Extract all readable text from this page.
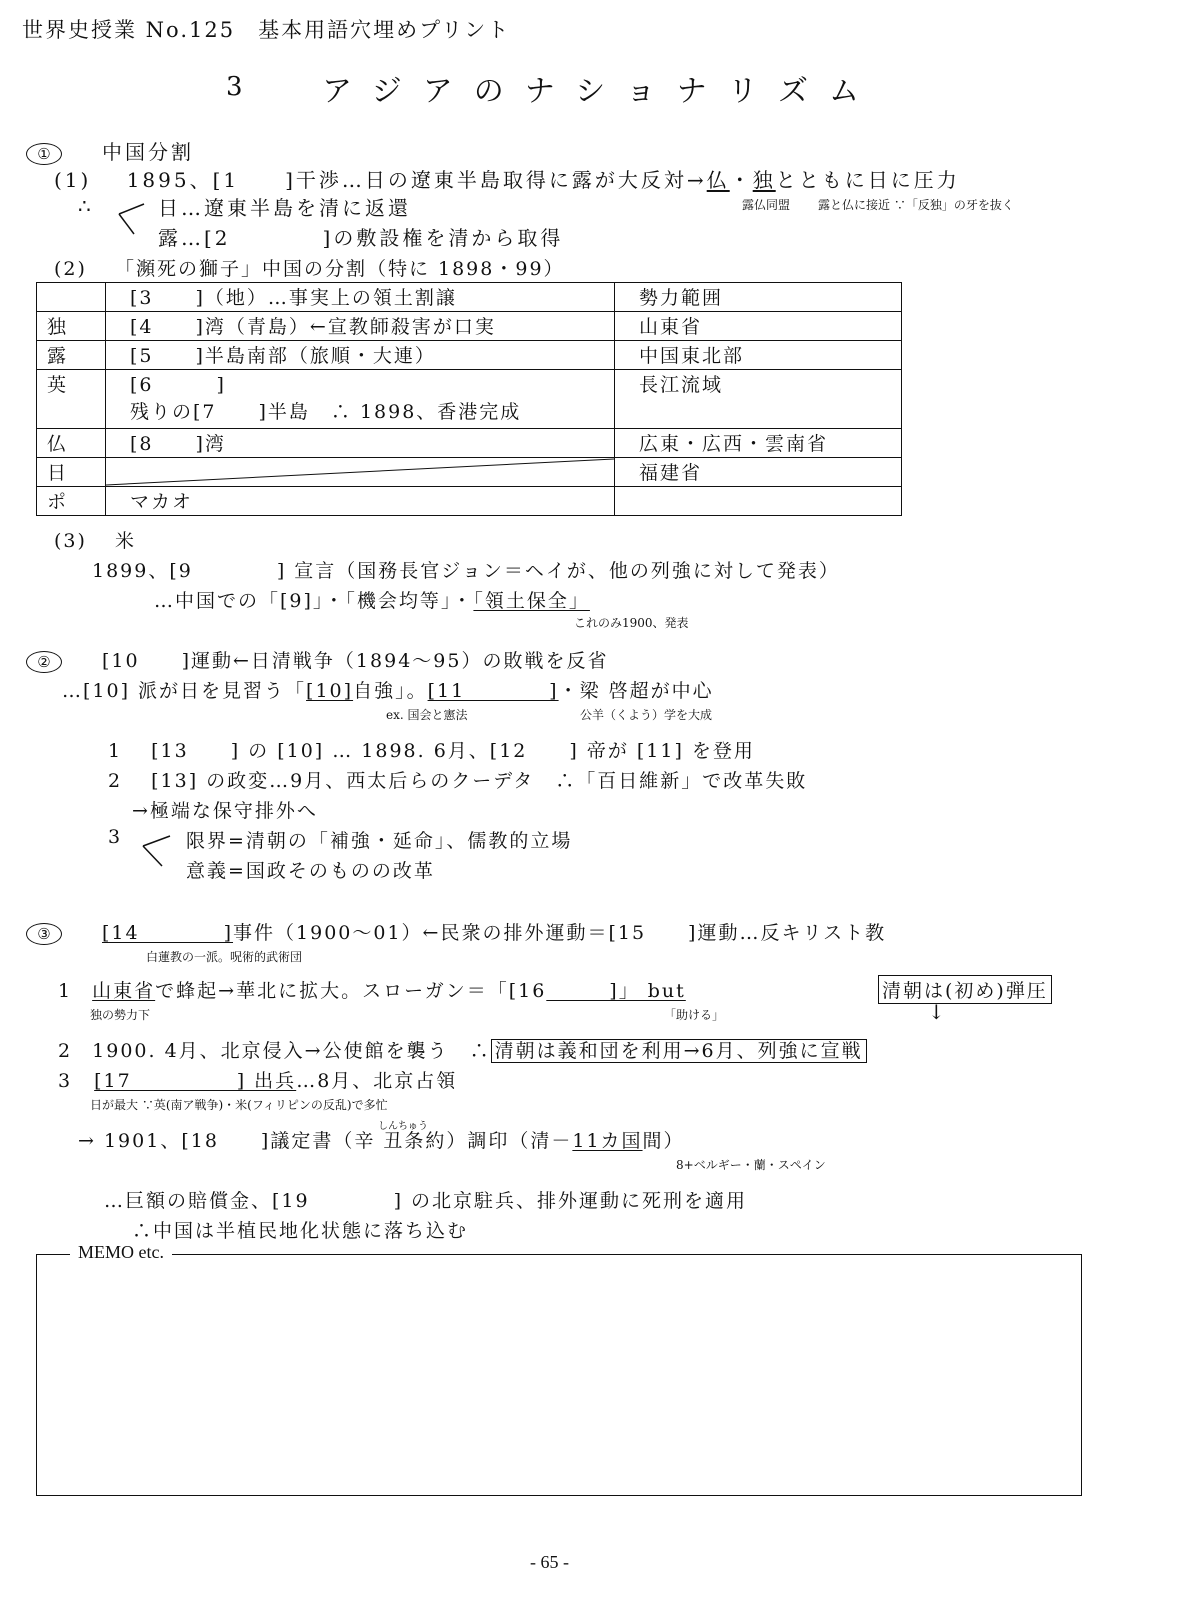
世界史授業 No.125　基本用語穴埋めプリント
3	アジアのナショナリズム
①	中国分割
(1) 1895、[1　　]干渉…日の遼東半島取得に露が大反対→仏・独とともに日に圧力
∴	日…遼東半島を清に返還
露…[2　　　　]の敷設権を清から取得
露仏同盟 露と仏に接近 ∵「反独」の牙を抜く
(2) 「瀕死の獅子」中国の分割（特に 1898・99）
	[3　　]（地）…事実上の領土割譲	勢力範囲
独	[4　　]湾（青島）←宣教師殺害が口実	山東省
露	[5　　]半島南部（旅順・大連）	中国東北部
英	[6　　　]
残りの[7　　]半島　∴ 1898、香港完成	長江流域
仏	[8　　]湾	広東・広西・雲南省
日		福建省
ポ	マカオ	
(3) 米
1899、[9　　　　] 宣言（国務長官ジョン＝ヘイが、他の列強に対して発表）
…中国での「[9]」・「機会均等」・「領土保全」
これのみ1900、発表
②	[10　　]運動←日清戦争（1894～95）の敗戦を反省
…[10] 派が日を見習う「[10]自強」。[11　　　　]・梁 啓超が中心
ex. 国会と憲法	公羊（くよう）学を大成
1　 [13　　] の [10] … 1898. 6月、[12　　] 帝が [11] を登用
2　 [13] の政変…9月、西太后らのクーデタ　∴「百日維新」で改革失敗
→極端な保守排外へ
3	限界=清朝の「補強・延命」、儒教的立場
意義=国政そのものの改革
③	[14　　　　]事件（1900～01）←民衆の排外運動＝[15　　]運動…反キリスト教
白蓮教の一派。呪術的武術団
1 山東省で蜂起→華北に拡大。スローガン＝「[16　　　]」 but	清朝は(初め)弾圧
独の勢力下	「助ける」	↓
2 1900. 4月、北京侵入→公使館を襲う　∴ 清朝は義和団を利用→6月、列強に宣戦
3 [17　　　　　] 出兵…8月、北京占領
日が最大 ∵英(南ア戦争)・米(フィリピンの反乱)で多忙
しんちゅう
→ 1901、[18　　]議定書（辛 丑条約）調印（清－11カ国間）
8+ベルギー・蘭・スペイン
…巨額の賠償金、[19　　　　] の北京駐兵、排外運動に死刑を適用
∴中国は半植民地化状態に落ち込む
MEMO etc.
- 65 -
